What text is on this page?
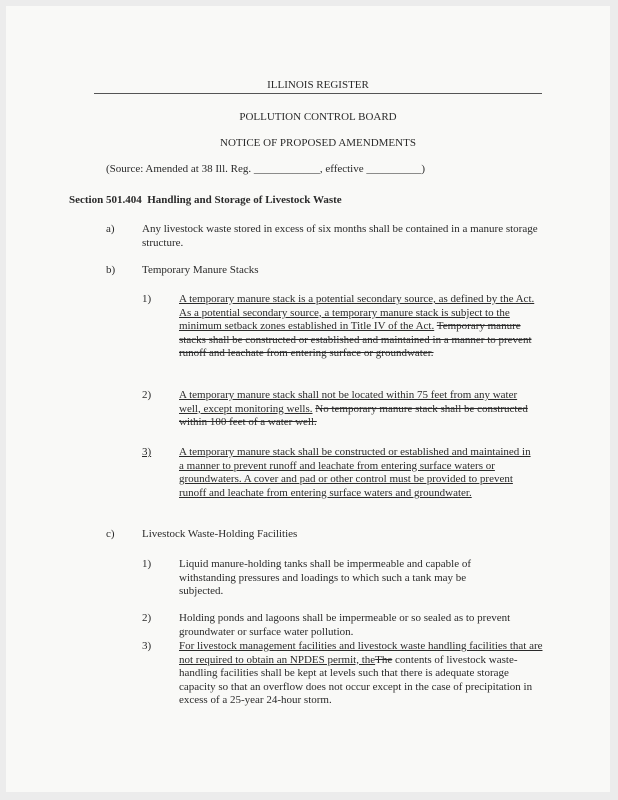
ILLINOIS REGISTER
POLLUTION CONTROL BOARD
NOTICE OF PROPOSED AMENDMENTS
(Source: Amended at 38 Ill. Reg. ____________, effective __________)
Section 501.404 Handling and Storage of Livestock Waste
a) Any livestock waste stored in excess of six months shall be contained in a manure storage structure.
b) Temporary Manure Stacks
1)	A temporary manure stack is a potential secondary source, as defined by the Act. As a potential secondary source, a temporary manure stack is subject to the minimum setback zones established in Title IV of the Act. Temporary manure stacks shall be constructed or established and maintained in a manner to prevent runoff and leachate from entering surface or groundwater.
2)	A temporary manure stack shall not be located within 75 feet from any water well, except monitoring wells. No temporary manure stack shall be constructed within 100 feet of a water well.
3)	A temporary manure stack shall be constructed or established and maintained in a manner to prevent runoff and leachate from entering surface waters or groundwaters. A cover and pad or other control must be provided to prevent runoff and leachate from entering surface waters and groundwater.
c) Livestock Waste-Holding Facilities
1)	Liquid manure-holding tanks shall be impermeable and capable of withstanding pressures and loadings to which such a tank may be subjected.
2)	Holding ponds and lagoons shall be impermeable or so sealed as to prevent groundwater or surface water pollution.
3)	For livestock management facilities and livestock waste handling facilities that are not required to obtain an NPDES permit, theThe contents of livestock waste-handling facilities shall be kept at levels such that there is adequate storage capacity so that an overflow does not occur except in the case of precipitation in excess of a 25-year 24-hour storm.
